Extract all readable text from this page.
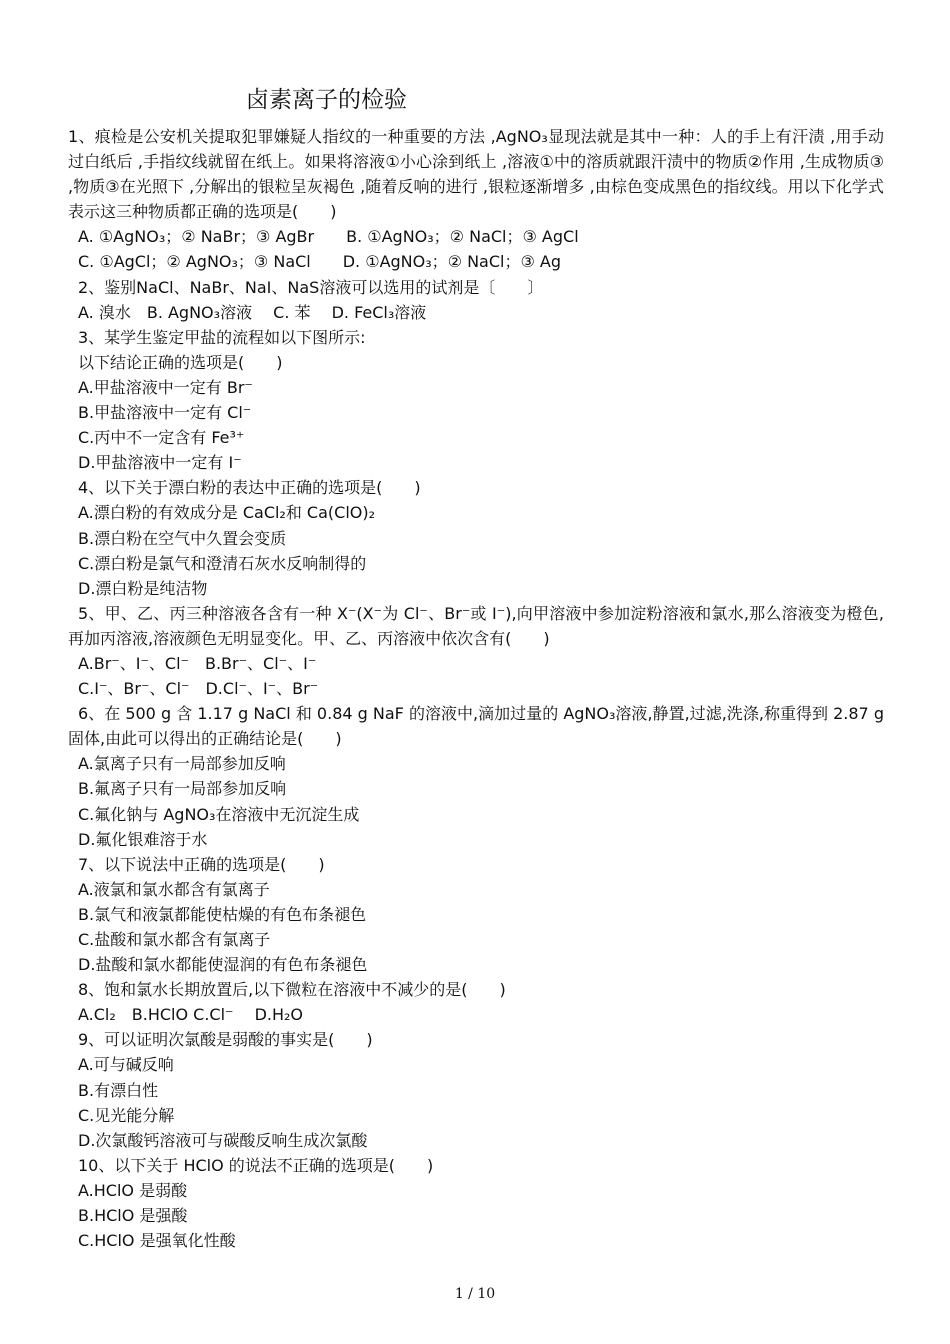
卤素离子的检验
1、痕检是公安机关提取犯罪嫌疑人指纹的一种重要的方法 ,AgNO₃显现法就是其中一种：人的手上有汗渍 ,用手动过白纸后 ,手指纹线就留在纸上。如果将溶液①小心涂到纸上 ,溶液①中的溶质就跟汗渍中的物质②作用 ,生成物质③ ,物质③在光照下 ,分解出的银粒呈灰褐色 ,随着反响的进行 ,银粒逐渐增多 ,由棕色变成黑色的指纹线。用以下化学式表示这三种物质都正确的选项是(　　)
A. ①AgNO₃；② NaBr；③ AgBr　　B. ①AgNO₃；② NaCl；③ AgCl
C. ①AgCl；② AgNO₃；③ NaCl　　D. ①AgNO₃；② NaCl；③ Ag
2、鉴别NaCl、NaBr、NaI、NaS溶液可以选用的试剂是〔　　〕
A. 溴水　B. AgNO₃溶液　 C. 苯　 D. FeCl₃溶液
3、某学生鉴定甲盐的流程如以下图所示:
以下结论正确的选项是(　　)
A.甲盐溶液中一定有 Br⁻
B.甲盐溶液中一定有 Cl⁻
C.丙中不一定含有 Fe³⁺
D.甲盐溶液中一定有 I⁻
4、以下关于漂白粉的表达中正确的选项是(　　)
A.漂白粉的有效成分是 CaCl₂和 Ca(ClO)₂
B.漂白粉在空气中久置会变质
C.漂白粉是氯气和澄清石灰水反响制得的
D.漂白粉是纯洁物
5、甲、乙、丙三种溶液各含有一种 X⁻(X⁻为 Cl⁻、Br⁻或 I⁻),向甲溶液中参加淀粉溶液和氯水,那么溶液变为橙色,再加丙溶液,溶液颜色无明显变化。甲、乙、丙溶液中依次含有(　　)
A.Br⁻、I⁻、Cl⁻　B.Br⁻、Cl⁻、I⁻
C.I⁻、Br⁻、Cl⁻　D.Cl⁻、I⁻、Br⁻
6、在 500 g 含 1.17 g NaCl 和 0.84 g NaF 的溶液中,滴加过量的 AgNO₃溶液,静置,过滤,洗涤,称重得到 2.87 g 固体,由此可以得出的正确结论是(　　)
A.氯离子只有一局部参加反响
B.氟离子只有一局部参加反响
C.氟化钠与 AgNO₃在溶液中无沉淀生成
D.氟化银难溶于水
7、以下说法中正确的选项是(　　)
A.液氯和氯水都含有氯离子
B.氯气和液氯都能使枯燥的有色布条褪色
C.盐酸和氯水都含有氯离子
D.盐酸和氯水都能使湿润的有色布条褪色
8、饱和氯水长期放置后,以下微粒在溶液中不减少的是(　　)
A.Cl₂　B.HClO C.Cl⁻　 D.H₂O
9、可以证明次氯酸是弱酸的事实是(　　)
A.可与碱反响
B.有漂白性
C.见光能分解
D.次氯酸钙溶液可与碳酸反响生成次氯酸
10、以下关于 HClO 的说法不正确的选项是(　　)
A.HClO 是弱酸
B.HClO 是强酸
C.HClO 是强氧化性酸
1 / 10
